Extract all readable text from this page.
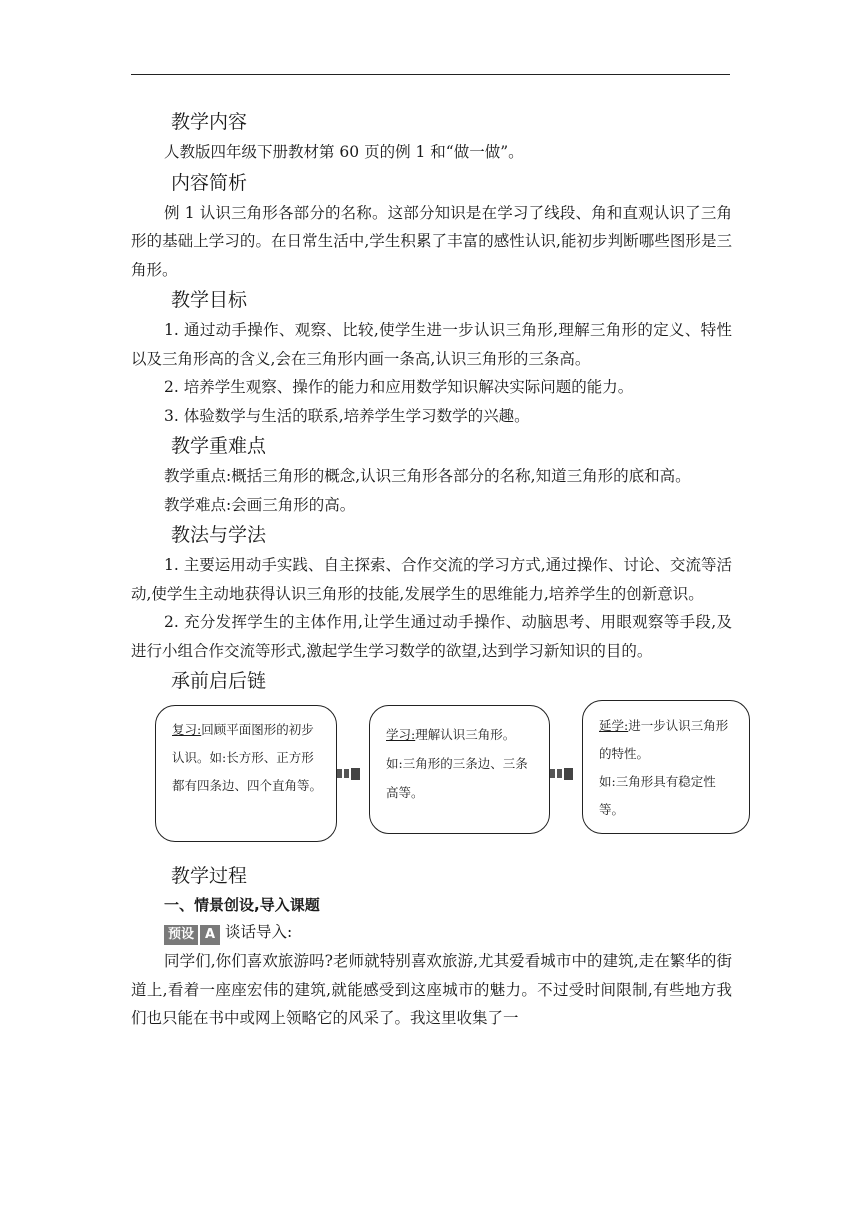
教学内容
人教版四年级下册教材第 60 页的例 1 和“做一做”。
内容简析
例 1 认识三角形各部分的名称。这部分知识是在学习了线段、角和直观认识了三角形的基础上学习的。在日常生活中,学生积累了丰富的感性认识,能初步判断哪些图形是三角形。
教学目标
1. 通过动手操作、观察、比较,使学生进一步认识三角形,理解三角形的定义、特性以及三角形高的含义,会在三角形内画一条高,认识三角形的三条高。
2. 培养学生观察、操作的能力和应用数学知识解决实际问题的能力。
3. 体验数学与生活的联系,培养学生学习数学的兴趣。
教学重难点
教学重点:概括三角形的概念,认识三角形各部分的名称,知道三角形的底和高。
教学难点:会画三角形的高。
教法与学法
1. 主要运用动手实践、自主探索、合作交流的学习方式,通过操作、讨论、交流等活动,使学生主动地获得认识三角形的技能,发展学生的思维能力,培养学生的创新意识。
2. 充分发挥学生的主体作用,让学生通过动手操作、动脑思考、用眼观察等手段,及进行小组合作交流等形式,激起学生学习数学的欲望,达到学习新知识的目的。
承前启后链
复习:回顾平面图形的初步认识。如:长方形、正方形都有四条边、四个直角等。
学习:理解认识三角形。
如:三角形的三条边、三条高等。
延学:进一步认识三角形的特性。
如:三角形具有稳定性等。
教学过程
一、情景创设,导入课题
预设 A 谈话导入:
同学们,你们喜欢旅游吗?老师就特别喜欢旅游,尤其爱看城市中的建筑,走在繁华的街道上,看着一座座宏伟的建筑,就能感受到这座城市的魅力。不过受时间限制,有些地方我们也只能在书中或网上领略它的风采了。我这里收集了一
